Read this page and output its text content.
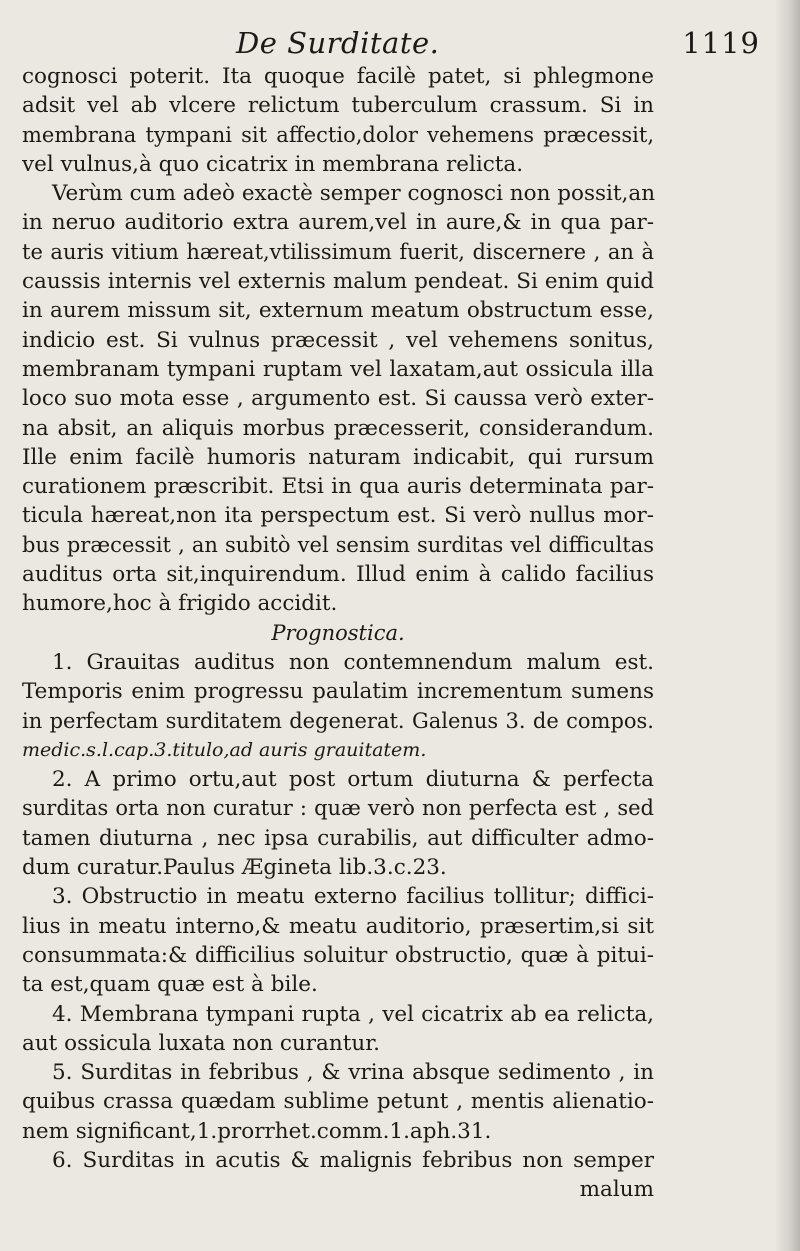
De Surditate.	1119
cognosci poterit. Ita quoque facilè patet, si phlegmone
adsit vel ab vlcere relictum tuberculum crassum. Si in
membrana tympani sit affectio,dolor vehemens præcessit,
vel vulnus,à quo cicatrix in membrana relicta.
Verùm cum adeò exactè semper cognosci non possit,an
in neruo auditorio extra aurem,vel in aure,& in qua par-
te auris vitium hæreat,vtilissimum fuerit, discernere , an à
caussis internis vel externis malum pendeat. Si enim quid
in aurem missum sit, externum meatum obstructum esse,
indicio est. Si vulnus præcessit , vel vehemens sonitus,
membranam tympani ruptam vel laxatam,aut ossicula illa
loco suo mota esse , argumento est. Si caussa verò exter-
na absit, an aliquis morbus præcesserit, considerandum.
Ille enim facilè humoris naturam indicabit, qui rursum
curationem præscribit. Etsi in qua auris determinata par-
ticula hæreat,non ita perspectum est. Si verò nullus mor-
bus præcessit , an subitò vel sensim surditas vel difficultas
auditus orta sit,inquirendum. Illud enim à calido facilius
humore,hoc à frigido accidit.
Prognostica.
1. Grauitas auditus non contemnendum malum est.
Temporis enim progressu paulatim incrementum sumens
in perfectam surditatem degenerat. Galenus 3. de compos.
medic.s.l.cap.3.titulo,ad auris grauitatem.
2. A primo ortu,aut post ortum diuturna & perfecta
surditas orta non curatur : quæ verò non perfecta est , sed
tamen diuturna , nec ipsa curabilis, aut difficulter admo-
dum curatur.Paulus Ægineta lib.3.c.23.
3. Obstructio in meatu externo facilius tollitur; diffici-
lius in meatu interno,& meatu auditorio, præsertim,si sit
consummata:& difficilius soluitur obstructio, quæ à pitui-
ta est,quam quæ est à bile.
4. Membrana tympani rupta , vel cicatrix ab ea relicta,
aut ossicula luxata non curantur.
5. Surditas in febribus , & vrina absque sedimento , in
quibus crassa quædam sublime petunt , mentis alienatio-
nem significant,1.prorrhet.comm.1.aph.31.
6. Surditas in acutis & malignis febribus non semper
malum
